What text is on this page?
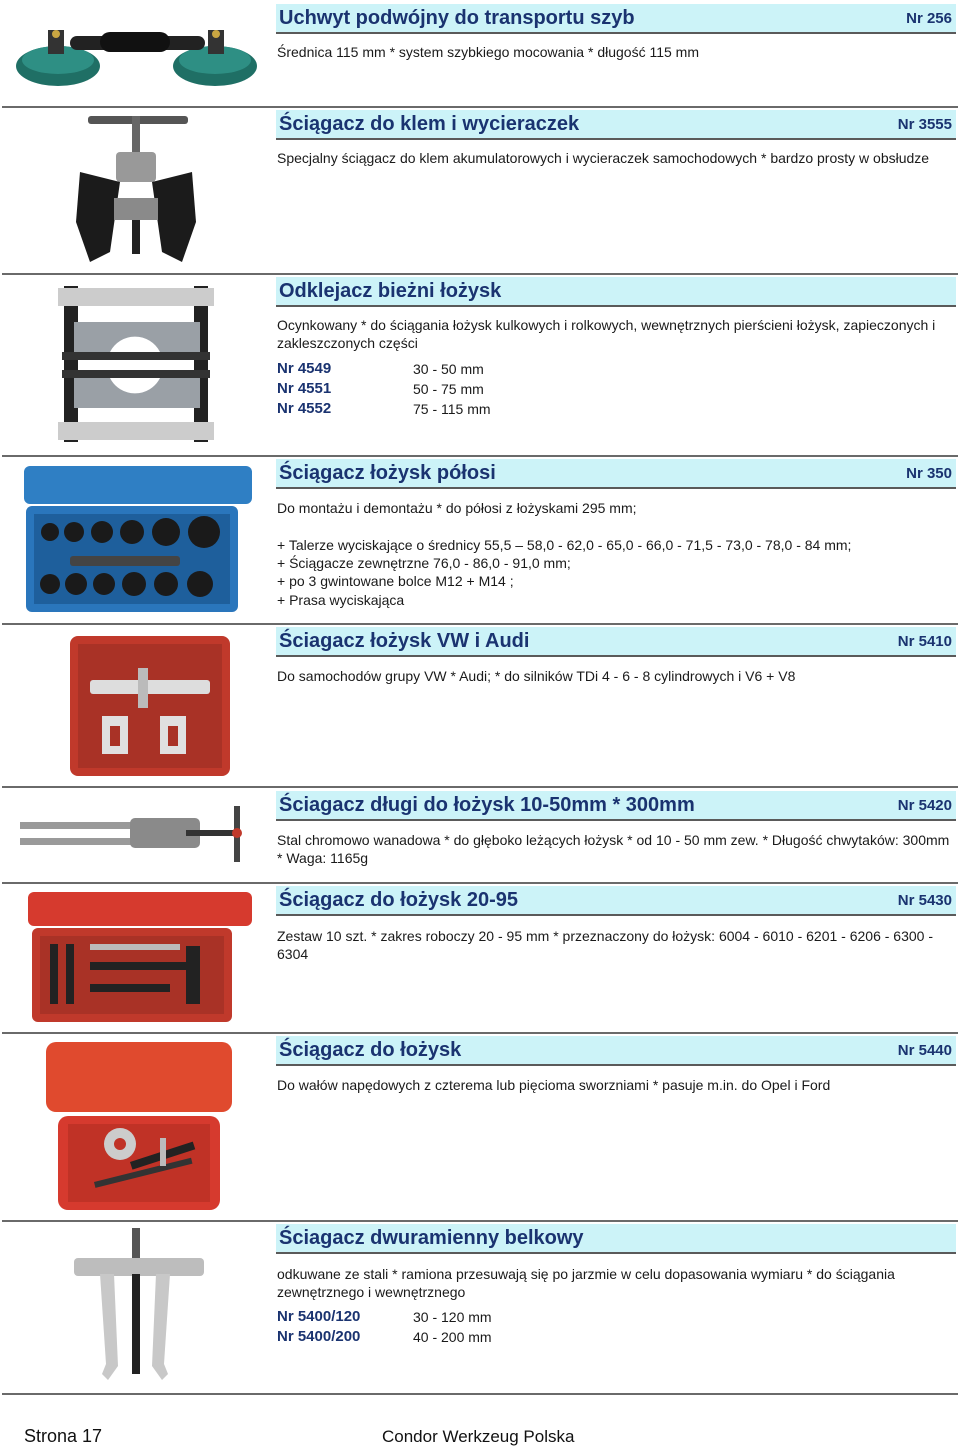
Uchwyt podwójny do transportu szyb	Nr 256
Średnica 115 mm * system szybkiego mocowania * długość 115 mm
Ściągacz do klem i wycieraczek	Nr 3555
Specjalny ściągacz do klem akumulatorowych i wycieraczek samochodowych * bardzo prosty w obsłudze
Odklejacz bieżni łożysk
Ocynkowany * do ściągania łożysk kulkowych i rolkowych, wewnętrznych pierścieni łożysk, zapieczonych i zakleszczonych części
Nr 4549	30 - 50 mm
Nr 4551	50 - 75 mm
Nr 4552	75 - 115 mm
Ściągacz łożysk półosi	Nr 350
Do montażu i demontażu * do półosi z łożyskami 295 mm;
+ Talerze wyciskające o średnicy 55,5 – 58,0 - 62,0 - 65,0 - 66,0 - 71,5 - 73,0 - 78,0 - 84 mm;
+ Ściągacze zewnętrzne 76,0 - 86,0 - 91,0 mm;
+ po 3 gwintowane bolce M12 + M14 ;
+ Prasa wyciskająca
Ściagacz łożysk VW i Audi	Nr 5410
Do samochodów grupy VW * Audi; * do silników TDi 4 - 6 - 8 cylindrowych i V6 + V8
Ściagacz długi do łożysk 10-50mm * 300mm	Nr 5420
Stal chromowo wanadowa * do głęboko leżących łożysk * od 10 - 50 mm zew. * Długość chwytaków: 300mm * Waga: 1165g
Ściągacz do łożysk 20-95	Nr 5430
Zestaw 10 szt. * zakres roboczy 20 - 95 mm * przeznaczony do łożysk: 6004 - 6010 - 6201 - 6206 - 6300 - 6304
Ściągacz do łożysk	Nr 5440
Do wałów napędowych z czterema lub pięcioma sworzniami * pasuje m.in. do Opel i Ford
Ściagacz dwuramienny belkowy
odkuwane ze stali * ramiona przesuwają się po jarzmie w celu dopasowania wymiaru * do ściągania zewnętrznego i wewnętrznego
Nr 5400/120	30 - 120 mm
Nr 5400/200	40 - 200 mm
Strona 17	Condor Werkzeug Polska
